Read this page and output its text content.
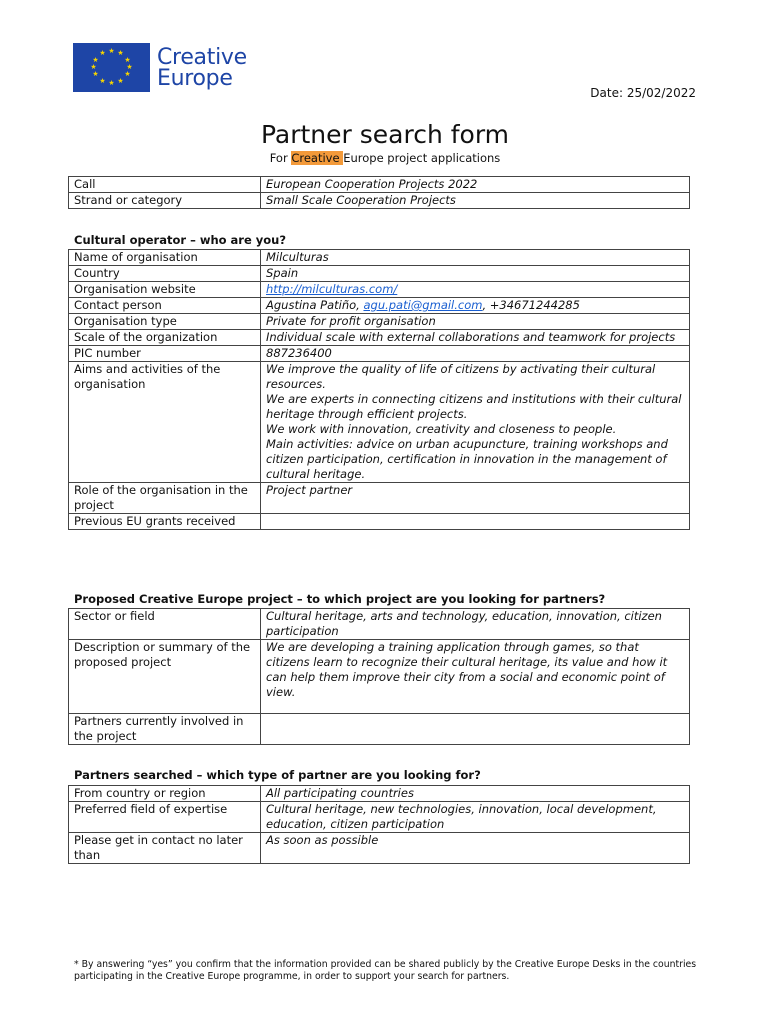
★ ★
★
★
★
★
★
★
★
★
★
★ Creative
Europe
Date: 25/02/2022
Partner search form
For Creative Europe project applications
Call	European Cooperation Projects 2022
Strand or category	Small Scale Cooperation Projects
Cultural operator – who are you?
Name of organisation	Milculturas
Country	Spain
Organisation website	http://milculturas.com/
Contact person	Agustina Patiño, agu.pati@gmail.com, +34671244285
Organisation type	Private for profit organisation
Scale of the organization	Individual scale with external collaborations and teamwork for projects
PIC number	887236400
Aims and activities of the organisation	We improve the quality of life of citizens by activating their cultural resources.
We are experts in connecting citizens and institutions with their cultural heritage through efficient projects.
We work with innovation, creativity and closeness to people.
Main activities: advice on urban acupuncture, training workshops and citizen participation, certification in innovation in the management of cultural heritage.

Role of the organisation in the project	Project partner
Previous EU grants received	
Proposed Creative Europe project – to which project are you looking for partners?
Sector or field	Cultural heritage, arts and technology, education, innovation, citizen participation
Description or summary of the proposed project	We are developing a training application through games, so that citizens learn to recognize their cultural heritage, its value and how it can help them improve their city from a social and economic point of view.
Partners currently involved in the project	
Partners searched – which type of partner are you looking for?
From country or region	All participating countries
Preferred field of expertise	Cultural heritage, new technologies, innovation, local development, education, citizen participation
Please get in contact no later than	As soon as possible
* By answering “yes” you confirm that the information provided can be shared publicly by the Creative Europe Desks in the countries participating in the Creative Europe programme, in order to support your search for partners.
